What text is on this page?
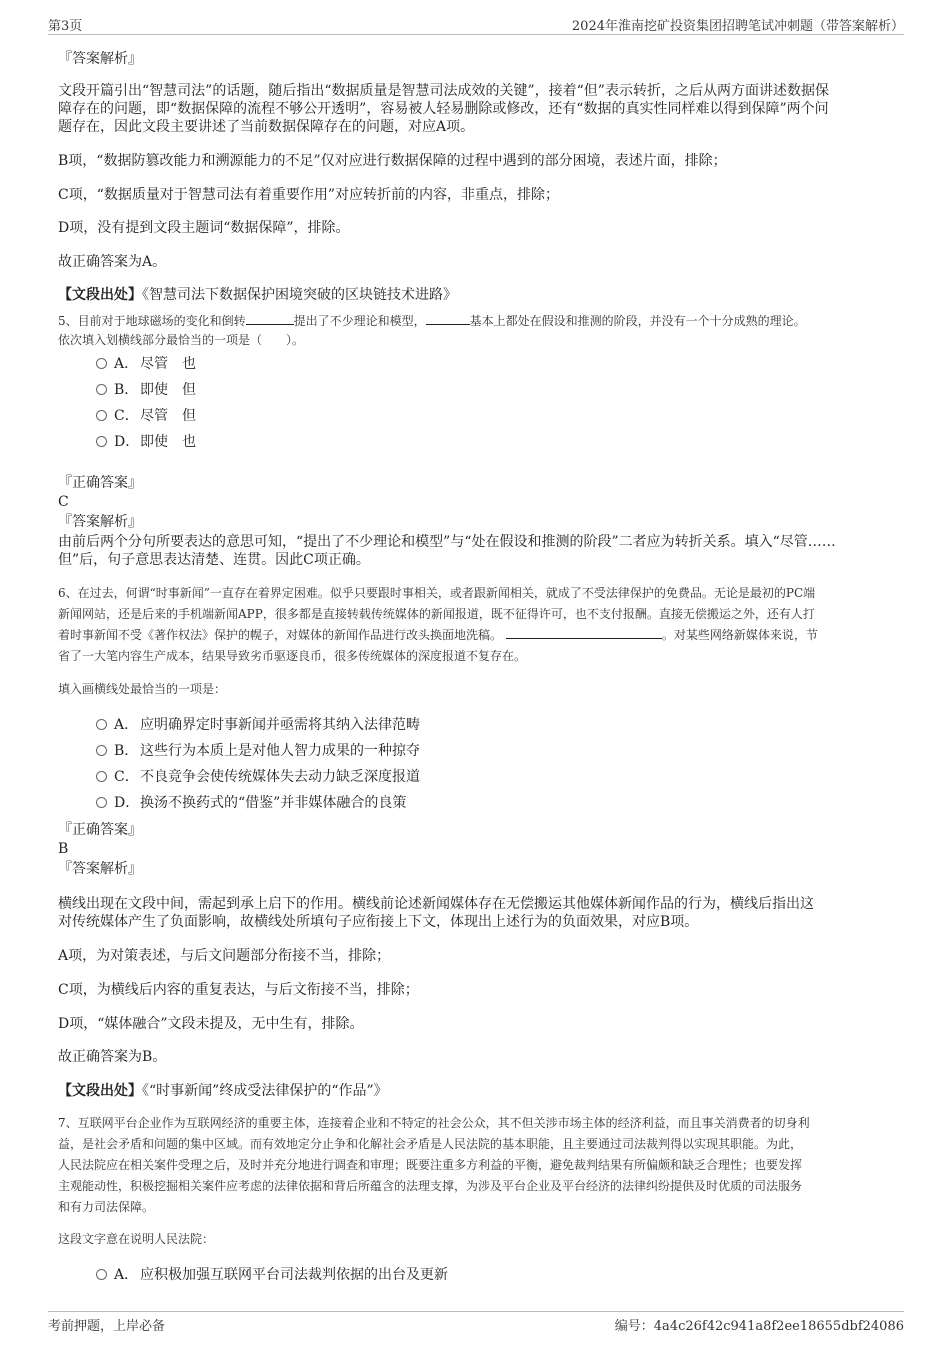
第3页	2024年淮南挖矿投资集团招聘笔试冲刺题（带答案解析）
『答案解析』
文段开篇引出“智慧司法”的话题，随后指出“数据质量是智慧司法成效的关键”，接着“但”表示转折，之后从两方面讲述数据保
障存在的问题，即“数据保障的流程不够公开透明”，容易被人轻易删除或修改，还有“数据的真实性同样难以得到保障”两个问
题存在，因此文段主要讲述了当前数据保障存在的问题，对应A项。
B项，“数据防篡改能力和溯源能力的不足”仅对应进行数据保障的过程中遇到的部分困境，表述片面，排除；
C项，“数据质量对于智慧司法有着重要作用”对应转折前的内容，非重点，排除；
D项，没有提到文段主题词“数据保障”，排除。
故正确答案为A。
【文段出处】《智慧司法下数据保护困境突破的区块链技术进路》
5、目前对于地球磁场的变化和倒转	提出了不少理论和模型，	基本上都处在假设和推测的阶段，并没有一个十分成熟的理论。
依次填入划横线部分最恰当的一项是（　　）。
A． 尽管　也
B． 即使　但
C．尽管　但
D．即使　也
『正确答案』
C
『答案解析』
由前后两个分句所要表达的意思可知，“提出了不少理论和模型”与“处在假设和推测的阶段”二者应为转折关系。填入“尽管……
但”后，句子意思表达清楚、连贯。因此C项正确。
6、在过去，何谓“时事新闻”一直存在着界定困难。似乎只要跟时事相关，或者跟新闻相关，就成了不受法律保护的免费品。无论是最初的PC端
新闻网站，还是后来的手机端新闻APP，很多都是直接转载传统媒体的新闻报道，既不征得许可，也不支付报酬。直接无偿搬运之外，还有人打
着时事新闻不受《著作权法》保护的幌子，对媒体的新闻作品进行改头换面地洗稿。	。对某些网络新媒体来说，节
省了一大笔内容生产成本，结果导致劣币驱逐良币，很多传统媒体的深度报道不复存在。
填入画横线处最恰当的一项是：
A． 应明确界定时事新闻并亟需将其纳入法律范畴
B． 这些行为本质上是对他人智力成果的一种掠夺
C．不良竞争会使传统媒体失去动力缺乏深度报道
D．换汤不换药式的“借鉴”并非媒体融合的良策
『正确答案』
B
『答案解析』
横线出现在文段中间，需起到承上启下的作用。横线前论述新闻媒体存在无偿搬运其他媒体新闻作品的行为，横线后指出这
对传统媒体产生了负面影响，故横线处所填句子应衔接上下文，体现出上述行为的负面效果，对应B项。
A项，为对策表述，与后文问题部分衔接不当，排除；
C项，为横线后内容的重复表达，与后文衔接不当，排除；
D项，“媒体融合”文段未提及，无中生有，排除。
故正确答案为B。
【文段出处】《“时事新闻”终成受法律保护的“作品”》
7、互联网平台企业作为互联网经济的重要主体，连接着企业和不特定的社会公众，其不但关涉市场主体的经济利益，而且事关消费者的切身利
益，是社会矛盾和问题的集中区域。而有效地定分止争和化解社会矛盾是人民法院的基本职能，且主要通过司法裁判得以实现其职能。为此，
人民法院应在相关案件受理之后，及时并充分地进行调查和审理；既要注重多方利益的平衡，避免裁判结果有所偏颇和缺乏合理性；也要发挥
主观能动性，积极挖掘相关案件应考虑的法律依据和背后所蕴含的法理支撑，为涉及平台企业及平台经济的法律纠纷提供及时优质的司法服务
和有力司法保障。
这段文字意在说明人民法院：
A． 应积极加强互联网平台司法裁判依据的出台及更新
考前押题，上岸必备	编号：4a4c26f42c941a8f2ee18655dbf24086
